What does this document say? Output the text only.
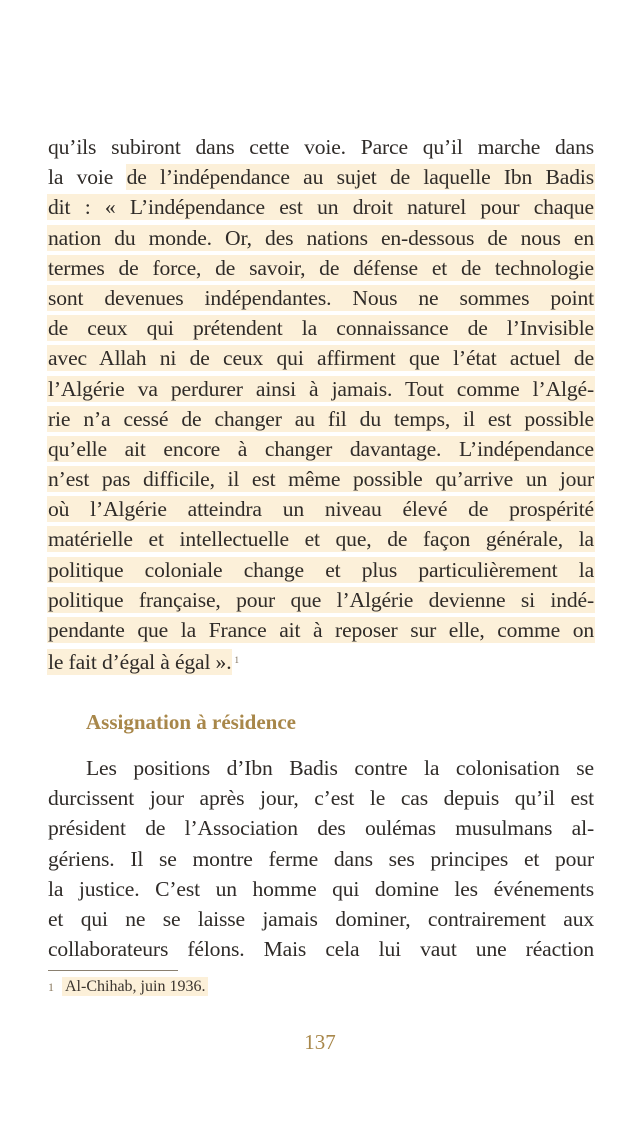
qu’ils subiront dans cette voie. Parce qu’il marche dans
la voie de l’indépendance au sujet de laquelle Ibn Badis
dit : « L’indépendance est un droit naturel pour chaque
nation du monde. Or, des nations en-dessous de nous en
termes de force, de savoir, de défense et de technologie
sont devenues indépendantes. Nous ne sommes point
de ceux qui prétendent la connaissance de l’Invisible
avec Allah ni de ceux qui affirment que l’état actuel de
l’Algérie va perdurer ainsi à jamais. Tout comme l’Algé-
rie n’a cessé de changer au fil du temps, il est possible
qu’elle ait encore à changer davantage. L’indépendance
n’est pas difficile, il est même possible qu’arrive un jour
où l’Algérie atteindra un niveau élevé de prospérité
matérielle et intellectuelle et que, de façon générale, la
politique coloniale change et plus particulièrement la
politique française, pour que l’Algérie devienne si indé-
pendante que la France ait à reposer sur elle, comme on
le fait d’égal à égal ». $^1$
Assignation à résidence
Les positions d’Ibn Badis contre la colonisation se
durcissent jour après jour, c’est le cas depuis qu’il est
président de l’Association des oulémas musulmans al-
gériens. Il se montre ferme dans ses principes et pour
la justice. C’est un homme qui domine les événements
et qui ne se laisse jamais dominer, contrairement aux
collaborateurs félons. Mais cela lui vaut une réaction
1 Al-Chihab, juin 1936.
137
